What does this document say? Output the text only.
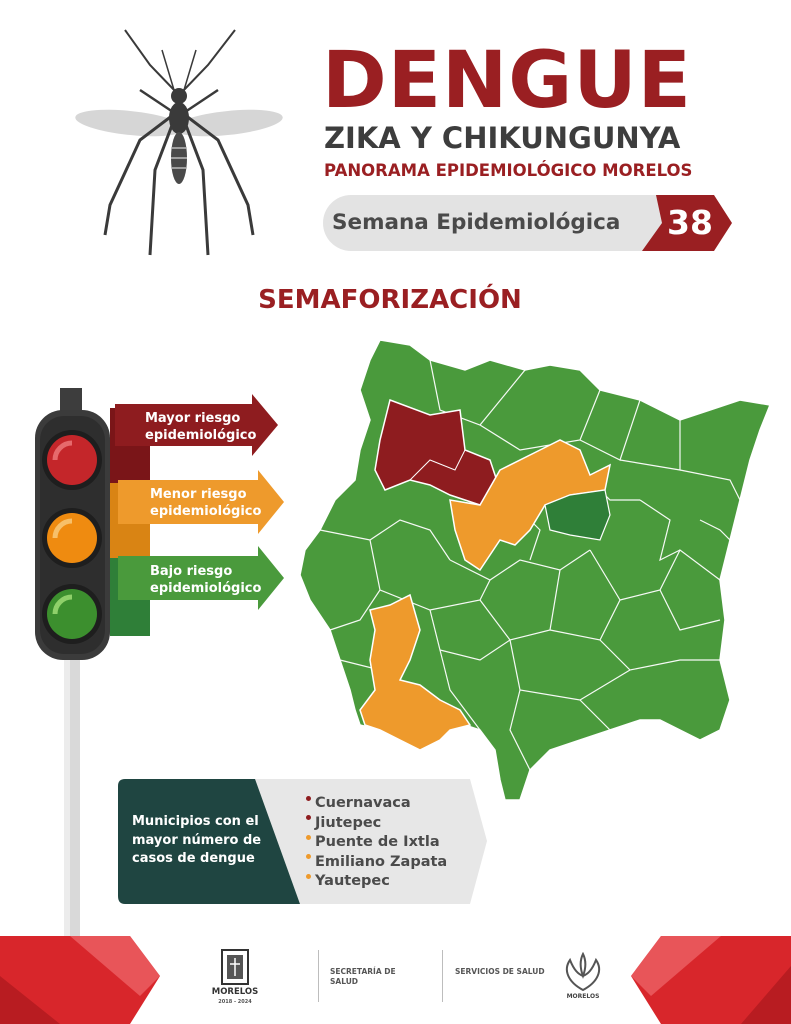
DENGUE
ZIKA Y CHIKUNGUNYA
PANORAMA EPIDEMIOLÓGICO MORELOS
Semana Epidemiológica	38
SEMAFORIZACIÓN
Mayor riesgo epidemiológico
Menor riesgo epidemiológico
Bajo riesgo epidemiológico
Municipios con el mayor número de casos de dengue
Cuernavaca
Jiutepec
Puente de Ixtla
Emiliano Zapata
Yautepec
MORELOS
2018 - 2024
SECRETARÍA DE SALUD
SERVICIOS DE SALUD
MORELOS
